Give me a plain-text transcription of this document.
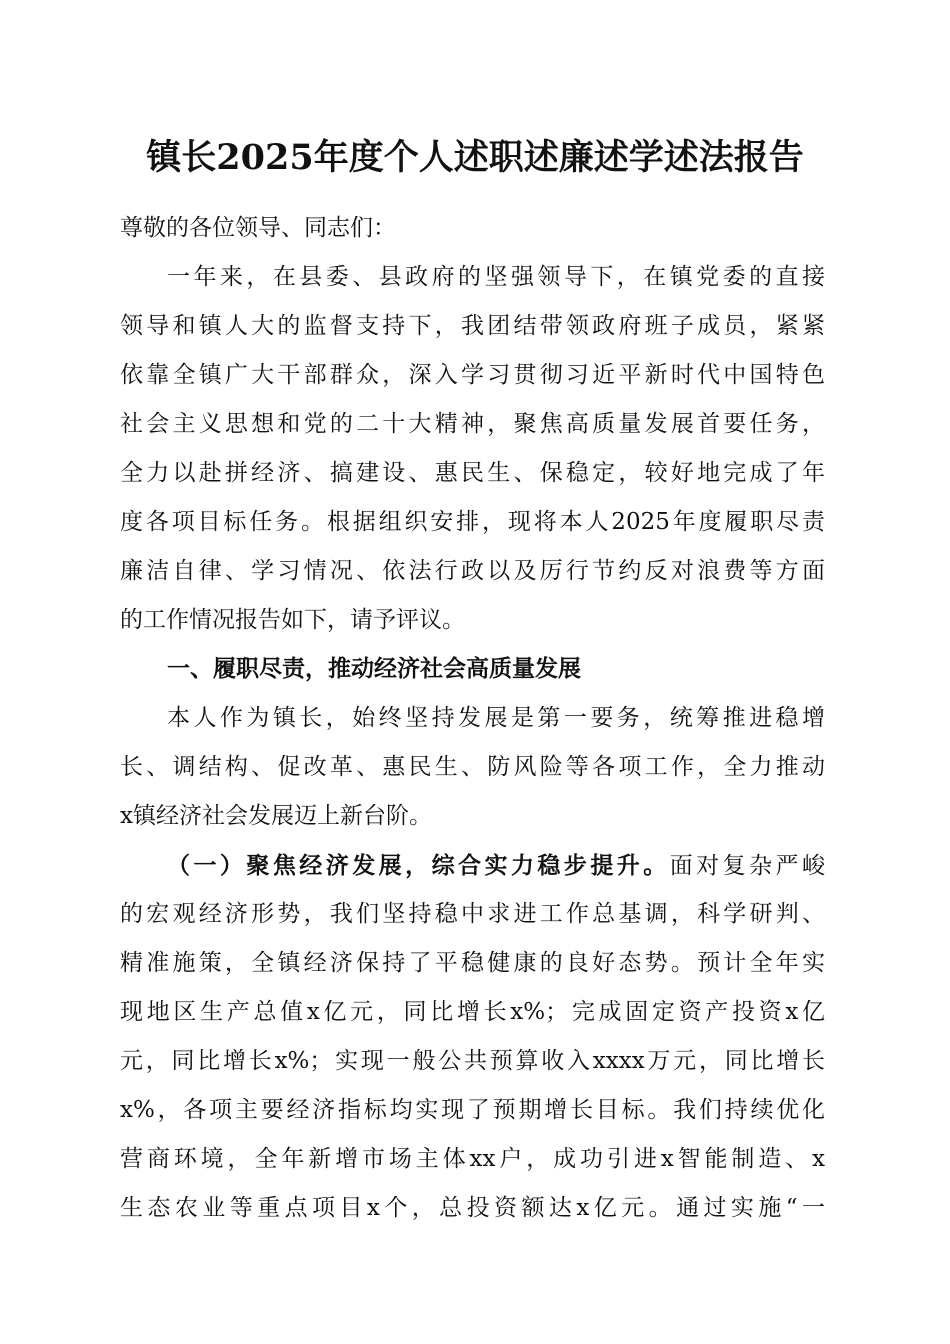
镇长2025年度个人述职述廉述学述法报告
尊敬的各位领导、同志们：
一年来，在县委、县政府的坚强领导下，在镇党委的直接
领导和镇人大的监督支持下，我团结带领政府班子成员，紧紧
依靠全镇广大干部群众，深入学习贯彻习近平新时代中国特色
社会主义思想和党的二十大精神，聚焦高质量发展首要任务，
全力以赴拼经济、搞建设、惠民生、保稳定，较好地完成了年
度各项目标任务。根据组织安排，现将本人2025年度履职尽责
廉洁自律、学习情况、依法行政以及厉行节约反对浪费等方面
的工作情况报告如下，请予评议。
一、履职尽责，推动经济社会高质量发展
本人作为镇长，始终坚持发展是第一要务，统筹推进稳增
长、调结构、促改革、惠民生、防风险等各项工作，全力推动
x镇经济社会发展迈上新台阶。
（一）聚焦经济发展，综合实力稳步提升。面对复杂严峻
的宏观经济形势，我们坚持稳中求进工作总基调，科学研判、
精准施策，全镇经济保持了平稳健康的良好态势。预计全年实
现地区生产总值x亿元，同比增长x%；完成固定资产投资x亿
元，同比增长x%；实现一般公共预算收入xxxx万元，同比增长
x%，各项主要经济指标均实现了预期增长目标。我们持续优化
营商环境，全年新增市场主体xx户，成功引进x智能制造、x
生态农业等重点项目x个，总投资额达x亿元。通过实施“一
